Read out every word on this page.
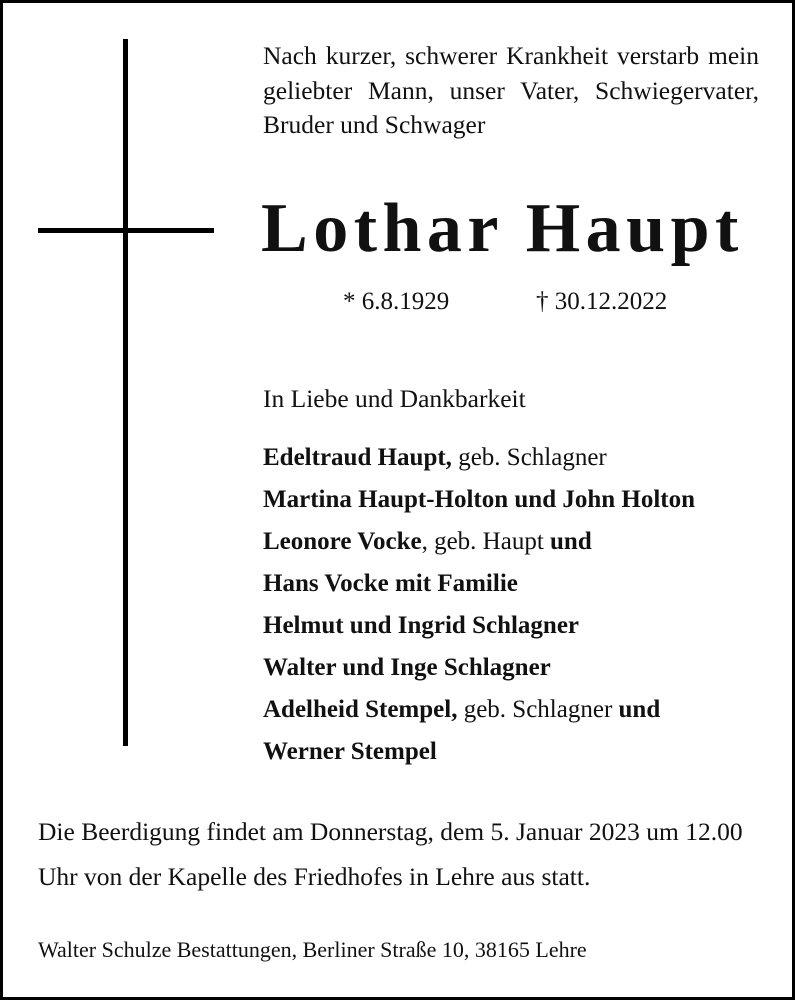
Nach kurzer, schwerer Krankheit verstarb mein geliebter Mann, unser Vater, Schwiegervater, Bruder und Schwager

Lothar Haupt
* 6.8.1929	† 30.12.2022

In Liebe und Dankbarkeit

Edeltraud Haupt, geb. Schlagner
Martina Haupt-Holton und John Holton
Leonore Vocke, geb. Haupt und
Hans Vocke mit Familie
Helmut und Ingrid Schlagner
Walter und Inge Schlagner
Adelheid Stempel, geb. Schlagner und
Werner Stempel

Die Beerdigung findet am Donnerstag, dem 5. Januar 2023 um 12.00 Uhr von der Kapelle des Friedhofes in Lehre aus statt.

Walter Schulze Bestattungen, Berliner Straße 10, 38165 Lehre
